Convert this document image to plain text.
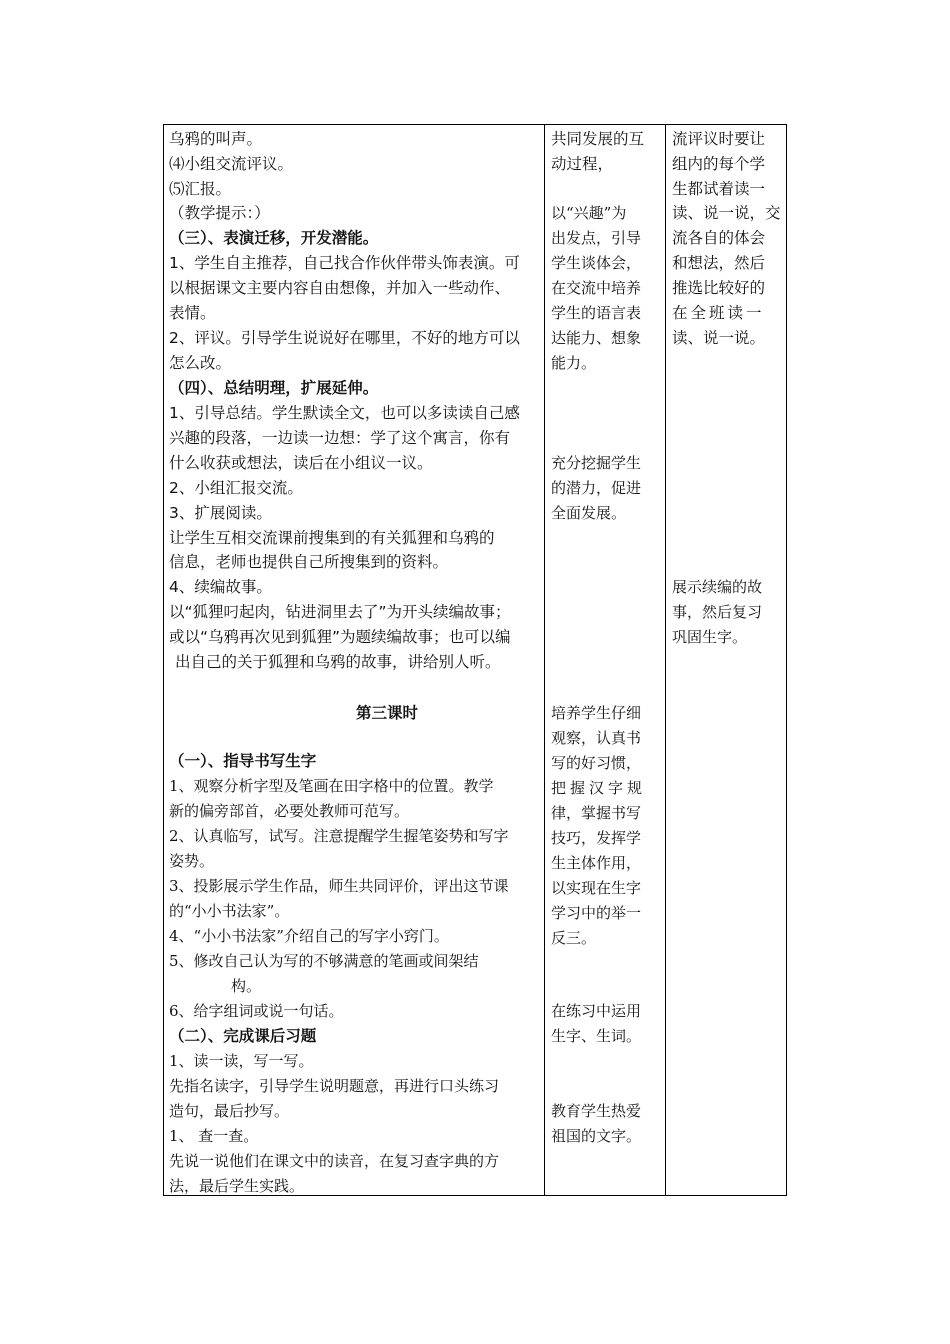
乌鸦的叫声。
⑷小组交流评议。
⑸汇报。
（教学提示：）
（三）、表演迁移，开发潜能。
1、学生自主推荐，自己找合作伙伴带头饰表演。可
以根据课文主要内容自由想像，并加入一些动作、
表情。
2、评议。引导学生说说好在哪里，不好的地方可以
怎么改。
（四）、总结明理，扩展延伸。
1、引导总结。学生默读全文，也可以多读读自己感
兴趣的段落，一边读一边想：学了这个寓言，你有
什么收获或想法，读后在小组议一议。
2、小组汇报交流。
3、扩展阅读。
让学生互相交流课前搜集到的有关狐狸和乌鸦的
信息，老师也提供自己所搜集到的资料。
4、续编故事。
以“狐狸叼起肉，钻进洞里去了”为开头续编故事；
或以“乌鸦再次见到狐狸”为题续编故事；也可以编
出自己的关于狐狸和乌鸦的故事，讲给别人听。
第三课时
（一）、指导书写生字
1、观察分析字型及笔画在田字格中的位置。教学
新的偏旁部首，必要处教师可范写。
2、认真临写，试写。注意提醒学生握笔姿势和写字
姿势。
3、投影展示学生作品，师生共同评价，评出这节课
的“小小书法家”。
4、“小小书法家”介绍自己的写字小窍门。
5、修改自己认为写的不够满意的笔画或间架结
构。
6、给字组词或说一句话。
（二）、完成课后习题
1、读一读，写一写。
先指名读字，引导学生说明题意，再进行口头练习
造句，最后抄写。
1、 查一查。
先说一说他们在课文中的读音，在复习查字典的方
法，最后学生实践。
共同发展的互
动过程，
以“兴趣”为
出发点，引导
学生谈体会，
在交流中培养
学生的语言表
达能力、想象
能力。
充分挖掘学生
的潜力，促进
全面发展。
培养学生仔细
观察，认真书
写的好习惯，
把握汉字规
律，掌握书写
技巧，发挥学
生主体作用，
以实现在生字
学习中的举一
反三。
在练习中运用
生字、生词。
教育学生热爱
祖国的文字。
流评议时要让
组内的每个学
生都试着读一
读、说一说，交
流各自的体会
和想法，然后
推选比较好的
在全班读一
读、说一说。
展示续编的故
事，然后复习
巩固生字。
